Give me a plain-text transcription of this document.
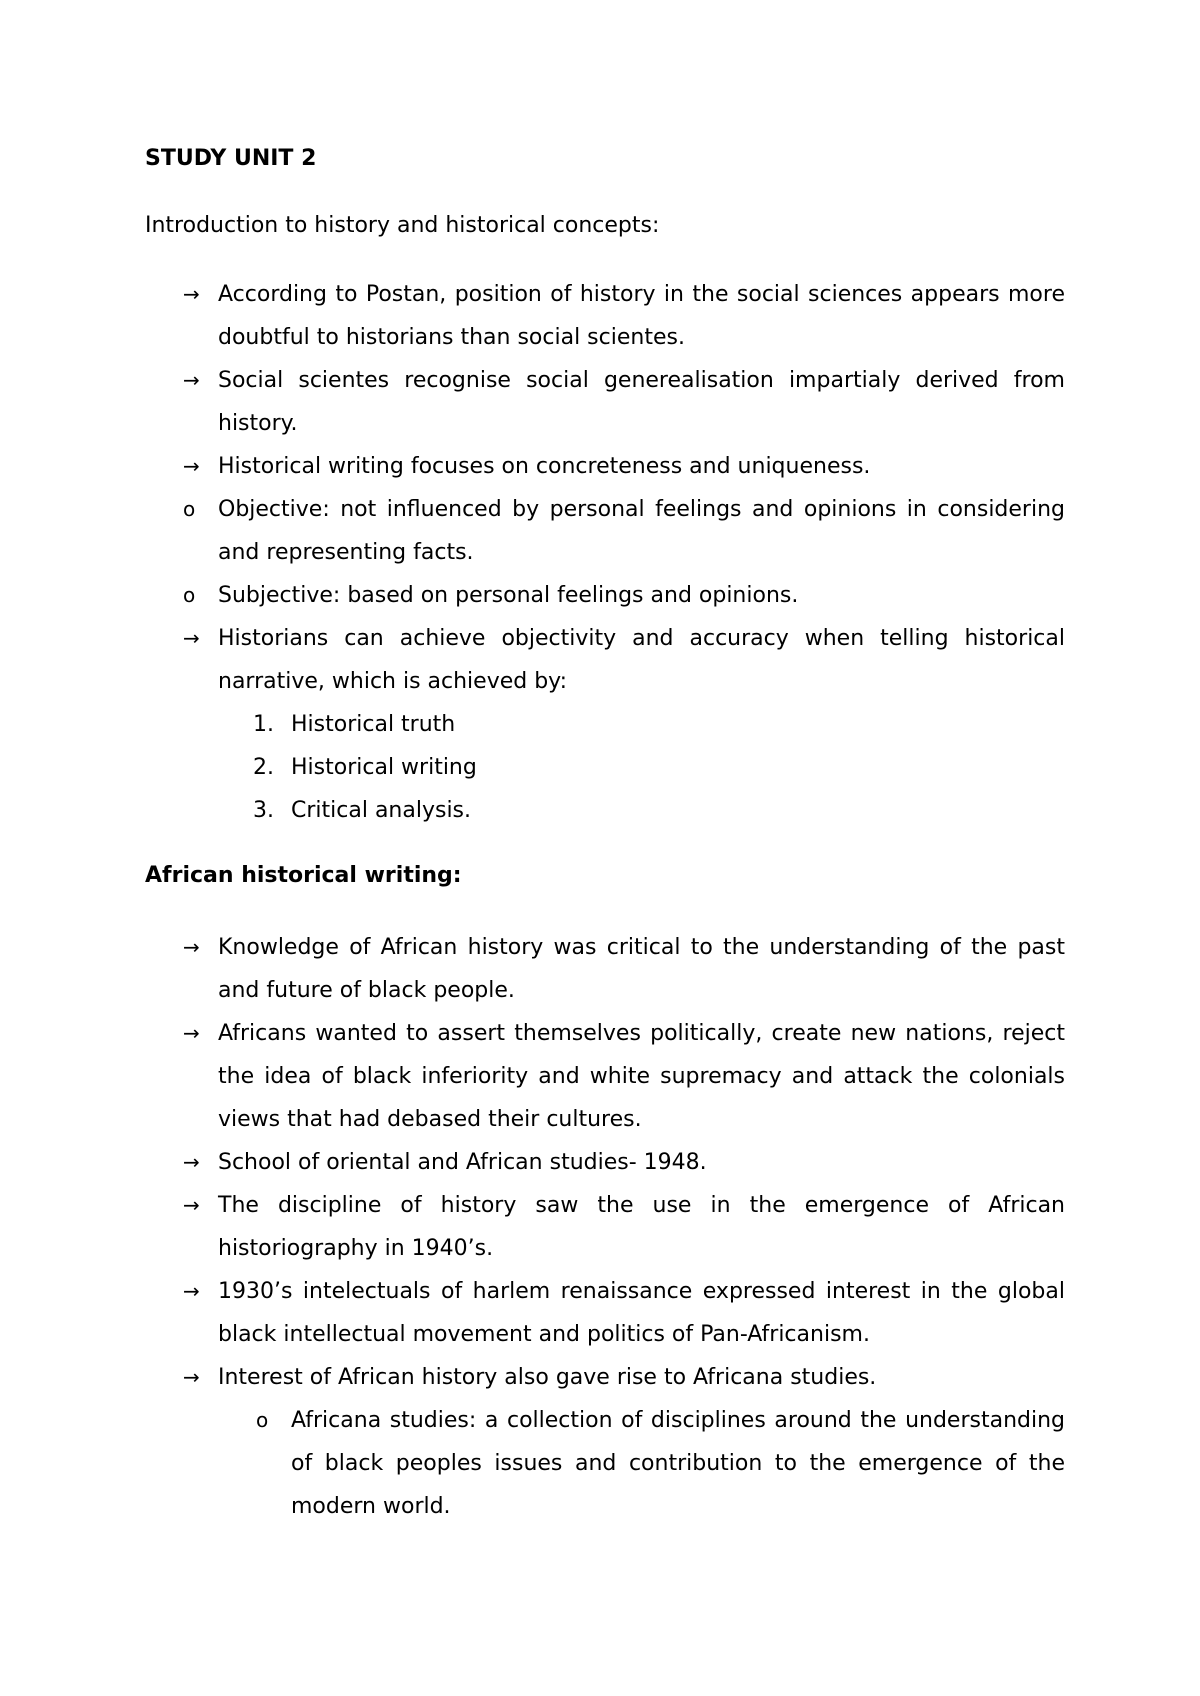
STUDY UNIT 2

Introduction to history and historical concepts:

→ According to Postan, position of history in the social sciences appears more doubtful to historians than social scientes.
→ Social scientes recognise social generealisation impartialy derived from history.
→ Historical writing focuses on concreteness and uniqueness.
o	Objective: not influenced by personal feelings and opinions in considering and representing facts.
o	Subjective: based on personal feelings and opinions.
→ Historians can achieve objectivity and accuracy when telling historical narrative, which is achieved by:
1. Historical truth
2. Historical writing
3. Critical analysis.
African historical writing:
→ Knowledge of African history was critical to the understanding of the past and future of black people.
→ Africans wanted to assert themselves politically, create new nations, reject the idea of black inferiority and white supremacy and attack the colonials views that had debased their cultures.
→ School of oriental and African studies- 1948.
→ The discipline of history saw the use in the emergence of African historiography in 1940’s.
→ 1930’s intelectuals of harlem renaissance expressed interest in the global black intellectual movement and politics of Pan-Africanism.
→ Interest of African history also gave rise to Africana studies.
o	Africana studies: a collection of disciplines around the understanding of black peoples issues and contribution to the emergence of the modern world.
